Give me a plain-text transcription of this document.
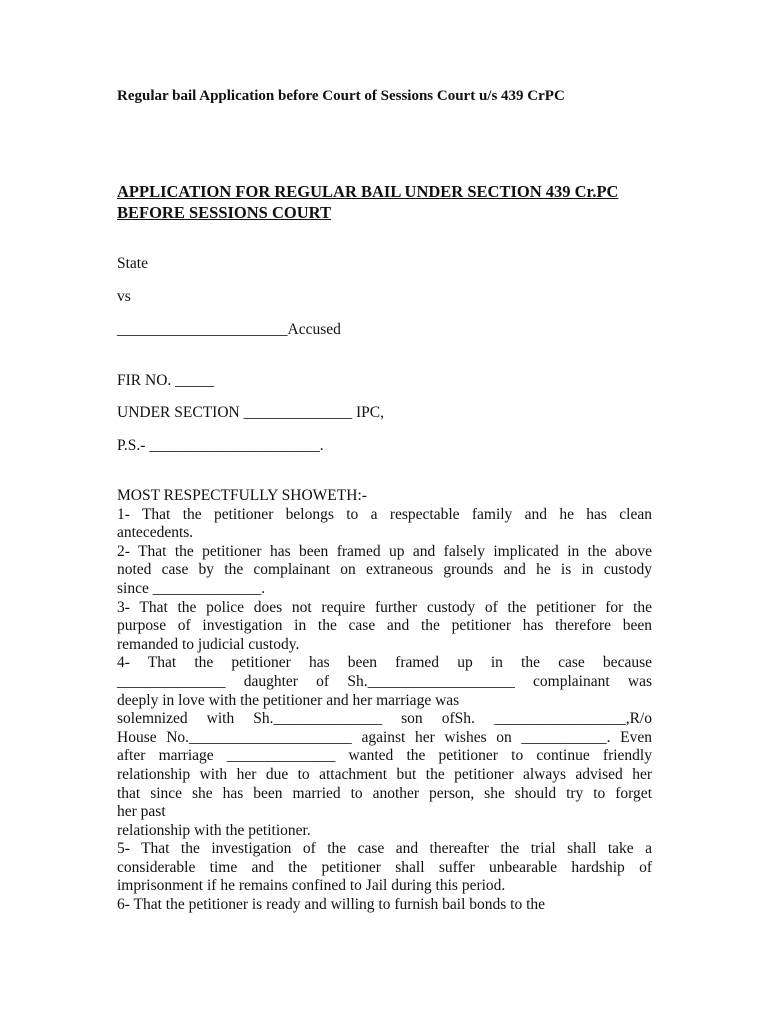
Regular bail Application before Court of Sessions Court u/s 439 CrPC

APPLICATION FOR REGULAR BAIL UNDER SECTION 439 Cr.PC
BEFORE SESSIONS COURT

State

vs

______________________Accused

FIR NO. _____

UNDER SECTION ______________ IPC,

P.S.- ______________________.

MOST RESPECTFULLY SHOWETH:-

1- That the petitioner belongs to a respectable family and he has clean
antecedents.

2- That the petitioner has been framed up and falsely implicated in the above
noted case by the complainant on extraneous grounds and he is in custody
since ______________.

3- That the police does not require further custody of the petitioner for the
purpose of investigation in the case and the petitioner has therefore been
remanded to judicial custody.

4- That the petitioner has been framed up in the case because
______________ daughter of Sh.___________________ complainant was
deeply in love with the petitioner and her marriage was
solemnized with Sh.______________ son ofSh. _________________,R/o
House No._____________________ against her wishes on ___________. Even
after marriage ______________ wanted the petitioner to continue friendly
relationship with her due to attachment but the petitioner always advised her
that since she has been married to another person, she should try to forget
her past
relationship with the petitioner.

5- That the investigation of the case and thereafter the trial shall take a
considerable time and the petitioner shall suffer unbearable hardship of
imprisonment if he remains confined to Jail during this period.

6- That the petitioner is ready and willing to furnish bail bonds to the
